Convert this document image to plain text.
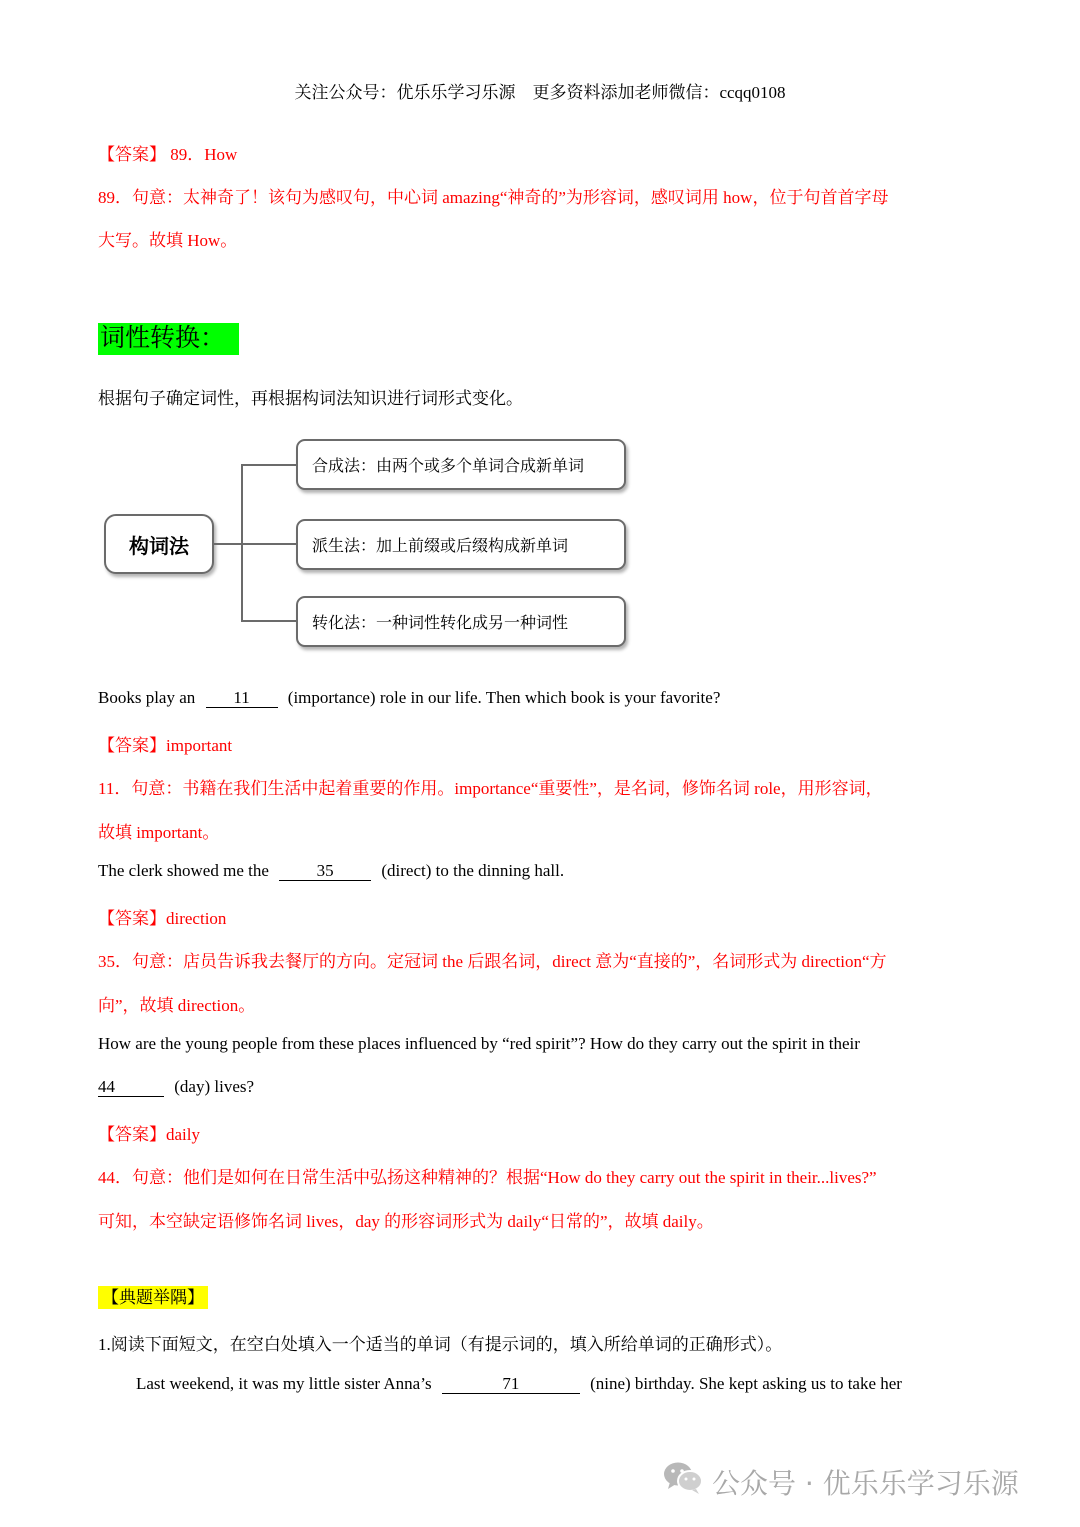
关注公众号：优乐乐学习乐源　更多资料添加老师微信：ccqq0108
【答案】 89．How
89．句意：太神奇了！该句为感叹句，中心词 amazing“神奇的”为形容词，感叹词用 how，位于句首首字母
大写。故填 How。
词性转换：
根据句子确定词性，再根据构词法知识进行词形式变化。
构词法
合成法：由两个或多个单词合成新单词
派生法：加上前缀或后缀构成新单词
转化法：一种词性转化成另一种词性
Books play an 11 (importance) role in our life. Then which book is your favorite?
【答案】important
11．句意：书籍在我们生活中起着重要的作用。importance“重要性”，是名词，修饰名词 role，用形容词，
故填 important。
The clerk showed me the	35	(direct) to the dinning hall.
【答案】direction
35．句意：店员告诉我去餐厅的方向。定冠词 the 后跟名词，direct 意为“直接的”，名词形式为 direction“方
向”，故填 direction。
How are the young people from these places influenced by “red spirit”? How do they carry out the spirit in their
44	(day) lives?
【答案】daily
44．句意：他们是如何在日常生活中弘扬这种精神的？根据“How do they carry out the spirit in their...lives?”
可知，本空缺定语修饰名词 lives，day 的形容词形式为 daily“日常的”，故填 daily。
【典题举隅】
1.阅读下面短文，在空白处填入一个适当的单词（有提示词的，填入所给单词的正确形式）。
Last weekend, it was my little sister Anna’s	71	(nine) birthday. She kept asking us to take her
公众号 · 优乐乐学习乐源
